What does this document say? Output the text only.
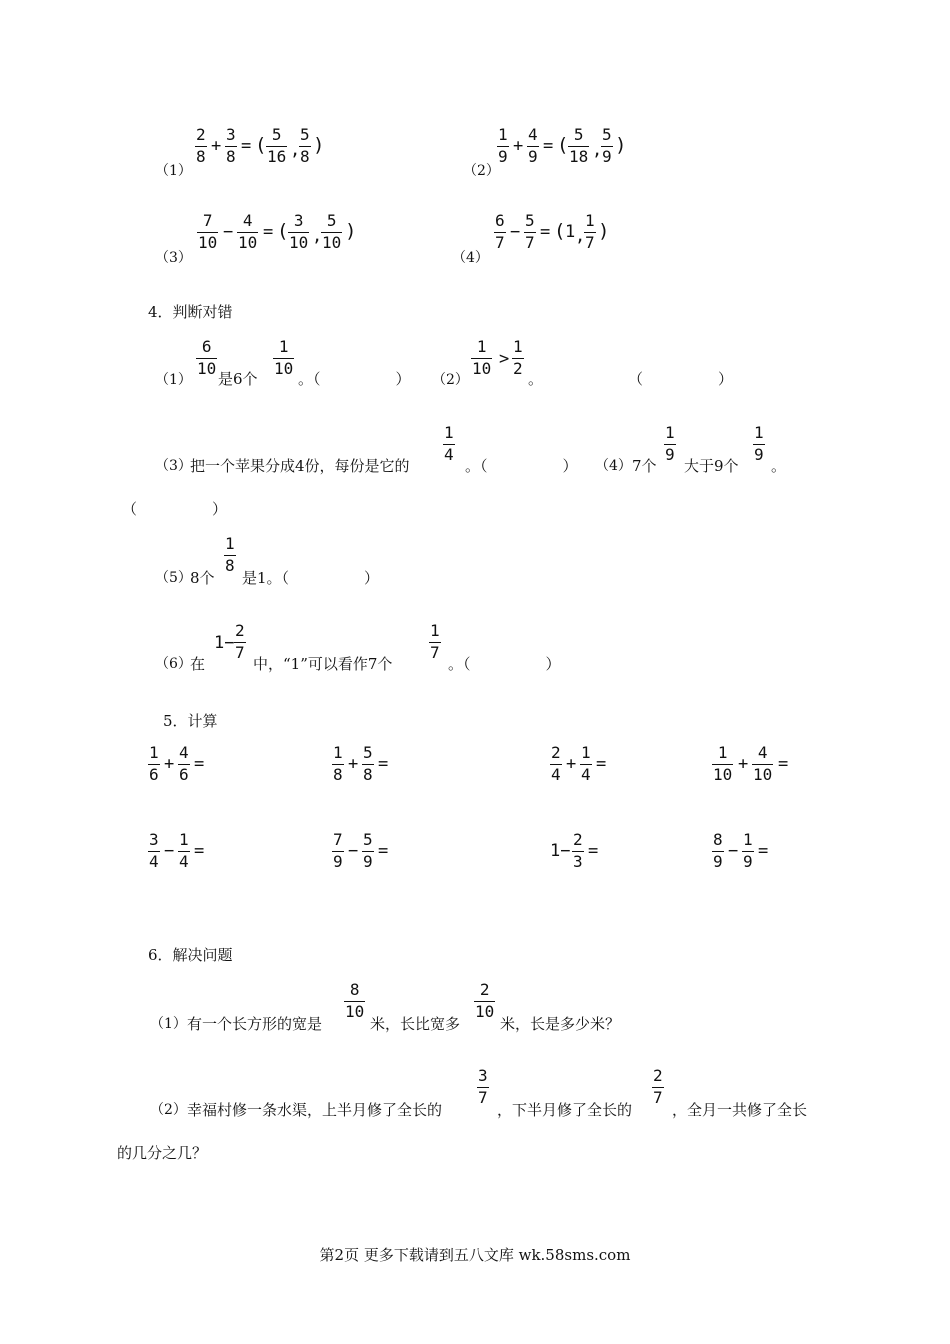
（1）
2
8
+
3
8
= ( 5
16 ,
5
8
)
（2）
1
9
+
4
9
= ( 5
18 ,
5
9
)
（3）
7
10
−
4
10
= ( 3
10 ,
5
10
)
（4）
6
7
−
5
7
= ( 1 ,
1
7
)
4．判断对错
（1）
6
10
是6个
1
10
。（　　　　　） （2）
1
10 >
1
2
。	（　　　　　）
（3）
把一个苹果分成4份，每份是它的
1
4
。（　　　　　） （4） 7个
1
9
大于9个
1
9
。
（　　　　　）
（5）
8个
1
8
是1。（　　　　　）
（6）
在
1−
2
7
中，“1”可以看作7个
1
7
。（　　　　　）
5．计算
1
6
+
4
6
=
1
8
+
5
8
=
2
4
+
1
4
=
1
10
+
4
10
=
3
4
−
1
4
=
7
9
−
5
9
=	1−
2
3
=
8
9
−
1
9
=
6．解决问题
（1） 有一个长方形的宽是
8
10
米，长比宽多
2
10
米，长是多少米？
（2） 幸福村修一条水渠，上半月修了全长的
3
7
，下半月修了全长的
2
7
，全月一共修了全长
的几分之几？
第2页 更多下载请到五八文库 wk.58sms.com
